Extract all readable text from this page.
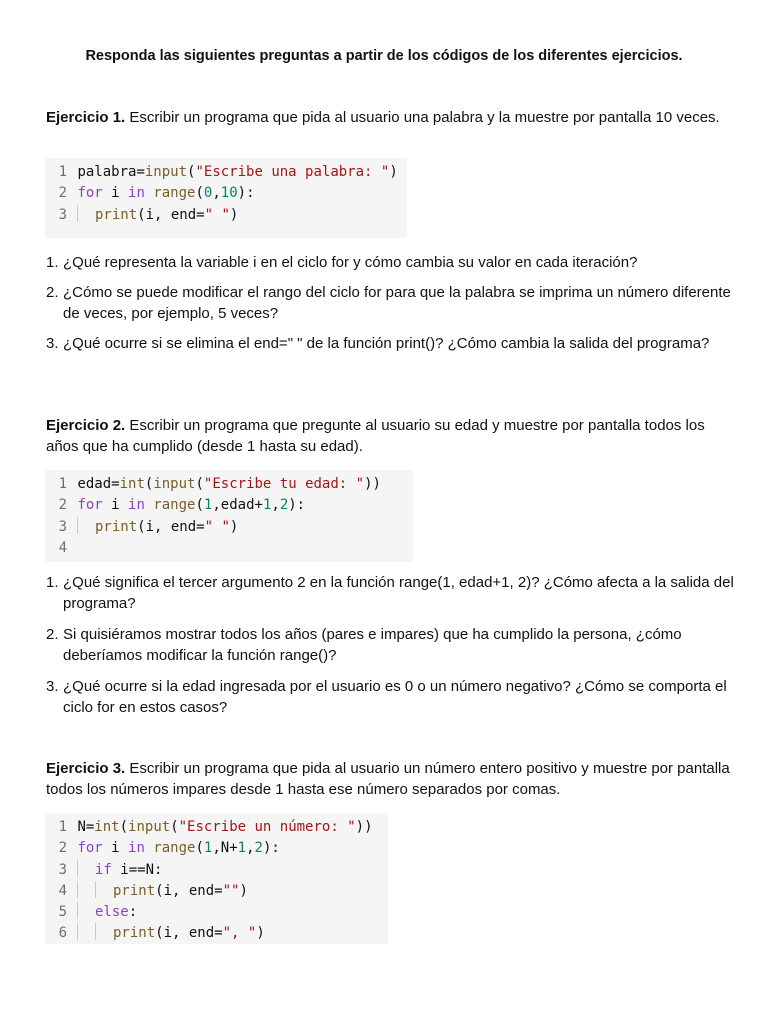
Responda las siguientes preguntas a partir de los códigos de los diferentes ejercicios.
Ejercicio 1. Escribir un programa que pida al usuario una palabra y la muestre por pantalla 10 veces.
1 palabra=input("Escribe una palabra: ")
2 for i in range(0,10):
3 print(i, end=" ")
1. ¿Qué representa la variable i en el ciclo for y cómo cambia su valor en cada iteración?
2. ¿Cómo se puede modificar el rango del ciclo for para que la palabra se imprima un número diferente de veces, por ejemplo, 5 veces?
3. ¿Qué ocurre si se elimina el end=" " de la función print()? ¿Cómo cambia la salida del programa?
Ejercicio 2. Escribir un programa que pregunte al usuario su edad y muestre por pantalla todos los años que ha cumplido (desde 1 hasta su edad).
1 edad=int(input("Escribe tu edad: "))
2 for i in range(1,edad+1,2):
3 print(i, end=" ")
4
1. ¿Qué significa el tercer argumento 2 en la función range(1, edad+1, 2)? ¿Cómo afecta a la salida del programa?
2. Si quisiéramos mostrar todos los años (pares e impares) que ha cumplido la persona, ¿cómo deberíamos modificar la función range()?
3. ¿Qué ocurre si la edad ingresada por el usuario es 0 o un número negativo? ¿Cómo se comporta el ciclo for en estos casos?
Ejercicio 3. Escribir un programa que pida al usuario un número entero positivo y muestre por pantalla todos los números impares desde 1 hasta ese número separados por comas.
1 N=int(input("Escribe un número: "))
2 for i in range(1,N+1,2):
3 if i==N:
4	print(i, end="")
5 else:
6	print(i, end=", ")
